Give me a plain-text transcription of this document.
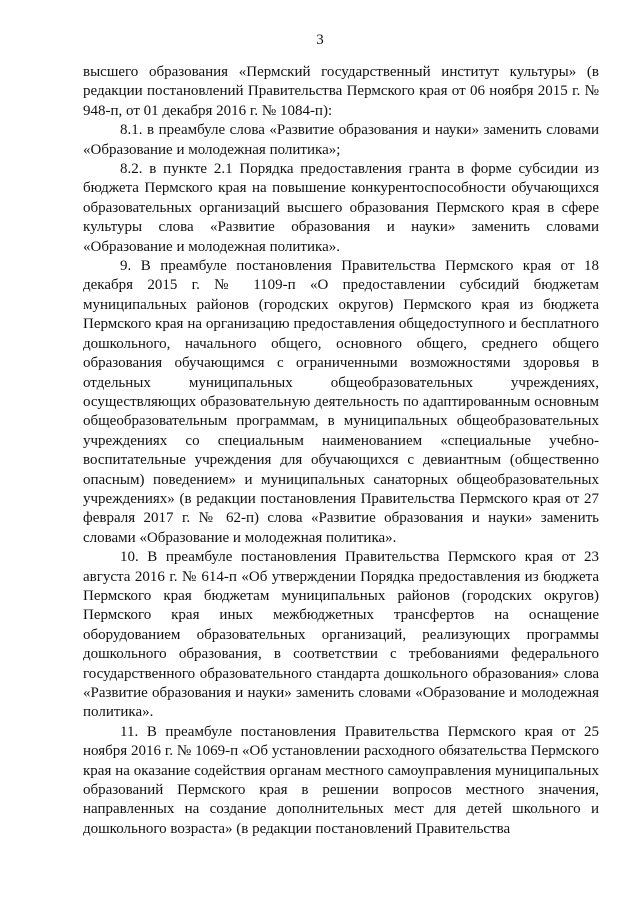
3

высшего образования «Пермский государственный институт культуры» (в редакции постановлений Правительства Пермского края от 06 ноября 2015 г. № 948-п, от 01 декабря 2016 г. № 1084-п):

8.1. в преамбуле слова «Развитие образования и науки» заменить словами «Образование и молодежная политика»;

8.2. в пункте 2.1 Порядка предоставления гранта в форме субсидии из бюджета Пермского края на повышение конкурентоспособности обучающихся образовательных организаций высшего образования Пермского края в сфере культуры слова «Развитие образования и науки» заменить словами «Образование и молодежная политика».

9. В преамбуле постановления Правительства Пермского края от 18 декабря 2015 г. № 1109-п «О предоставлении субсидий бюджетам муниципальных районов (городских округов) Пермского края из бюджета Пермского края на организацию предоставления общедоступного и бесплатного дошкольного, начального общего, основного общего, среднего общего образования обучающимся с ограниченными возможностями здоровья в отдельных муниципальных общеобразовательных учреждениях, осуществляющих образовательную деятельность по адаптированным основным общеобразовательным программам, в муниципальных общеобразовательных учреждениях со специальным наименованием «специальные учебно-воспитательные учреждения для обучающихся с девиантным (общественно опасным) поведением» и муниципальных санаторных общеобразовательных учреждениях» (в редакции постановления Правительства Пермского края от 27 февраля 2017 г. № 62-п) слова «Развитие образования и науки» заменить словами «Образование и молодежная политика».

10. В преамбуле постановления Правительства Пермского края от 23 августа 2016 г. № 614-п «Об утверждении Порядка предоставления из бюджета Пермского края бюджетам муниципальных районов (городских округов) Пермского края иных межбюджетных трансфертов на оснащение оборудованием образовательных организаций, реализующих программы дошкольного образования, в соответствии с требованиями федерального государственного образовательного стандарта дошкольного образования» слова «Развитие образования и науки» заменить словами «Образование и молодежная политика».

11. В преамбуле постановления Правительства Пермского края от 25 ноября 2016 г. № 1069-п «Об установлении расходного обязательства Пермского края на оказание содействия органам местного самоуправления муниципальных образований Пермского края в решении вопросов местного значения, направленных на создание дополнительных мест для детей школьного и дошкольного возраста» (в редакции постановлений Правительства
